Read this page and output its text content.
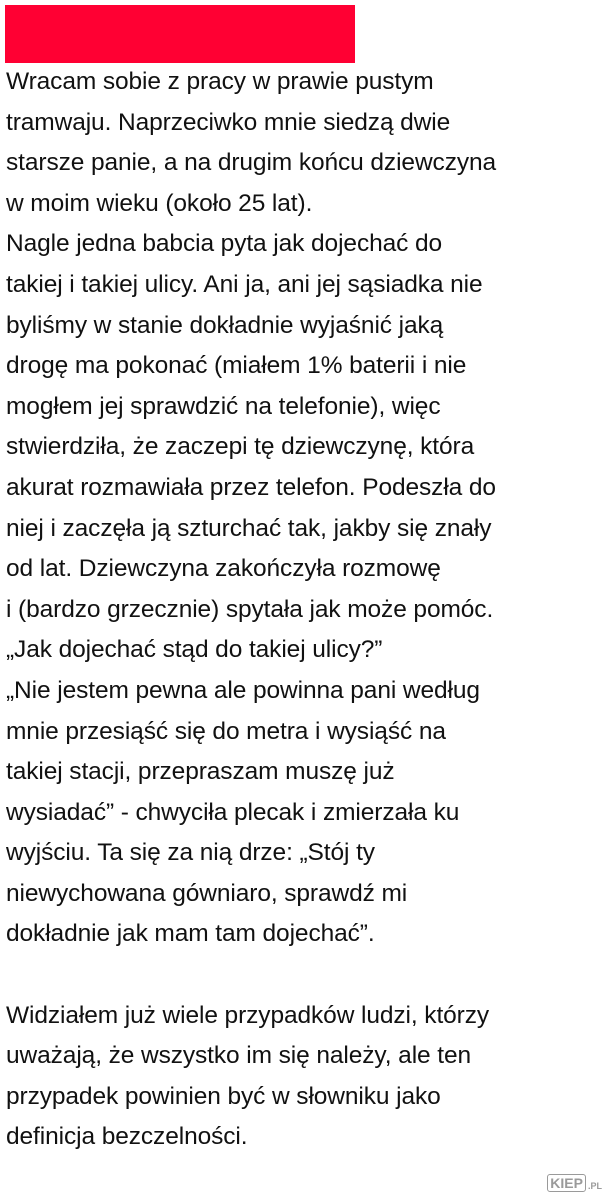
Wracam sobie z pracy w prawie pustym
tramwaju. Naprzeciwko mnie siedzą dwie
starsze panie, a na drugim końcu dziewczyna
w moim wieku (około 25 lat).
Nagle jedna babcia pyta jak dojechać do
takiej i takiej ulicy. Ani ja, ani jej sąsiadka nie
byliśmy w stanie dokładnie wyjaśnić jaką
drogę ma pokonać (miałem 1% baterii i nie
mogłem jej sprawdzić na telefonie), więc
stwierdziła, że zaczepi tę dziewczynę, która
akurat rozmawiała przez telefon. Podeszła do
niej i zaczęła ją szturchać tak, jakby się znały
od lat. Dziewczyna zakończyła rozmowę
i (bardzo grzecznie) spytała jak może pomóc.
„Jak dojechać stąd do takiej ulicy?”
„Nie jestem pewna ale powinna pani według
mnie przesiąść się do metra i wysiąść na
takiej stacji, przepraszam muszę już
wysiadać” - chwyciła plecak i zmierzała ku
wyjściu. Ta się za nią drze: „Stój ty
niewychowana gówniaro, sprawdź mi
dokładnie jak mam tam dojechać”.
Widziałem już wiele przypadków ludzi, którzy
uważają, że wszystko im się należy, ale ten
przypadek powinien być w słowniku jako
definicja bezczelności.
KIEP .PL
